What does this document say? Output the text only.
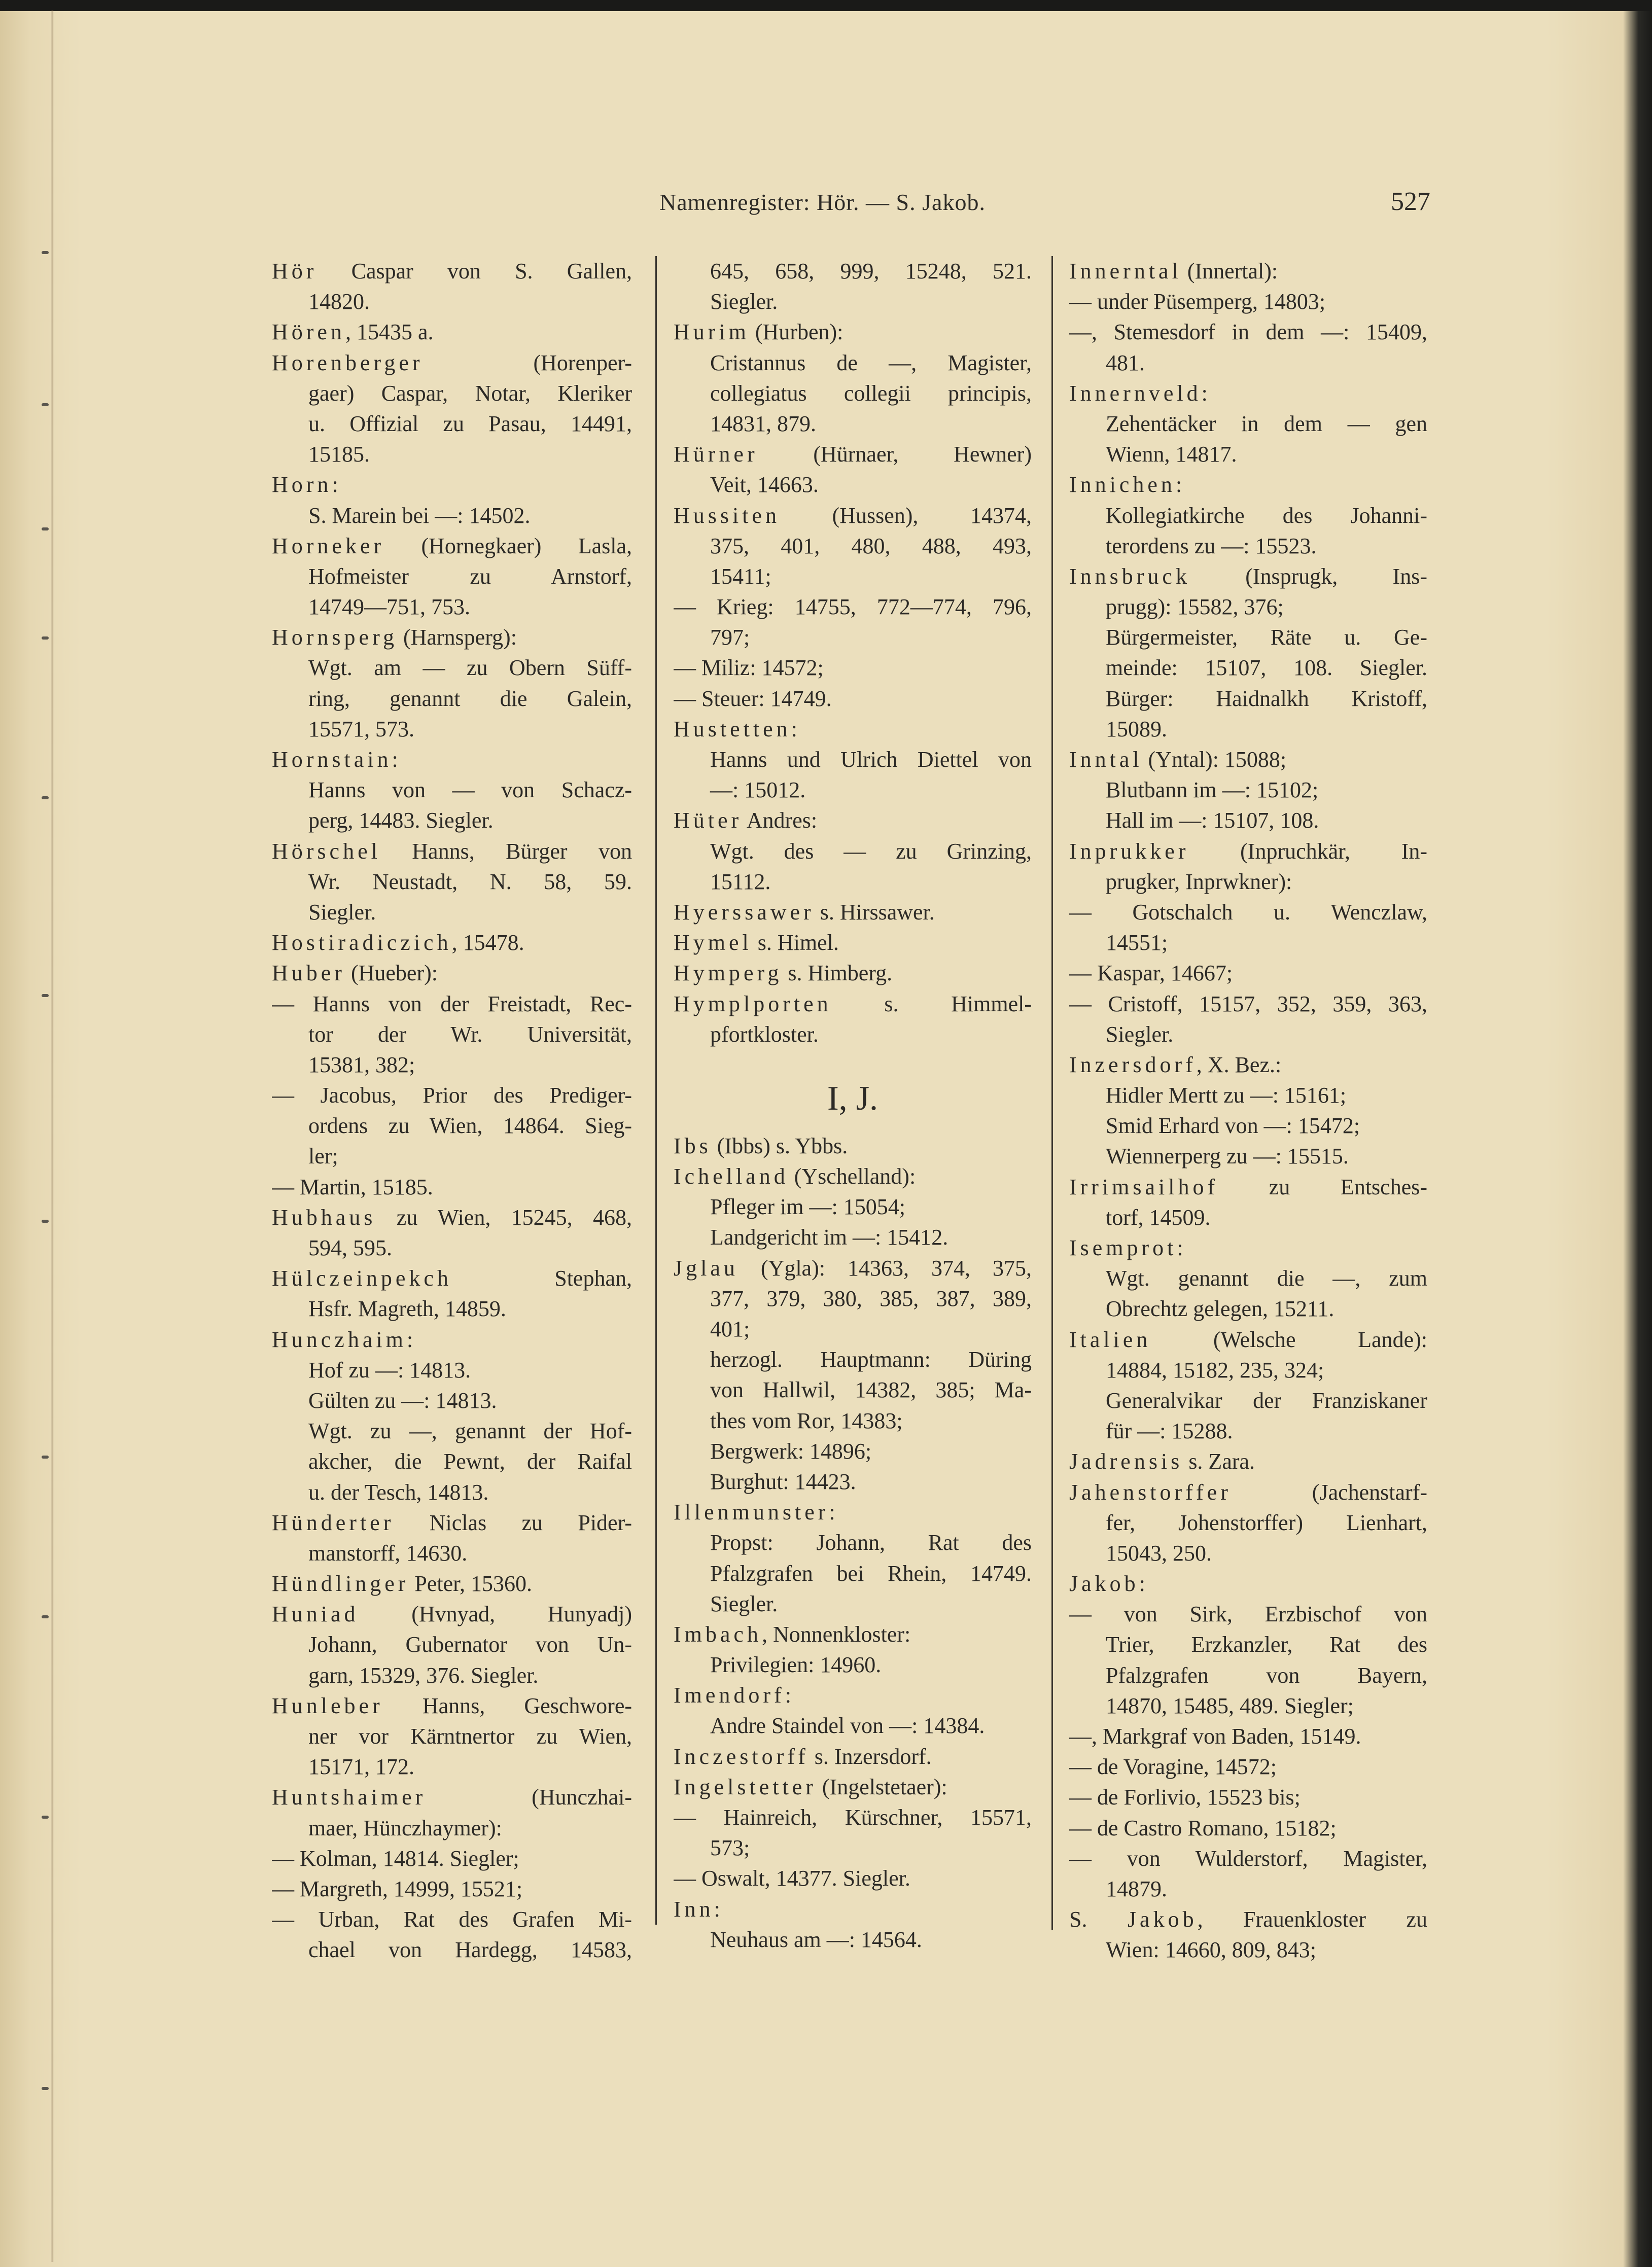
Namenregister: Hör. — S. Jakob.	527
Hör Caspar von S. Gallen,
14820.
Hören, 15435 a.
Horenberger (Horenper-
gaer) Caspar, Notar, Kleriker
u. Offizial zu Pasau, 14491,
15185.
Horn:
S. Marein bei —: 14502.
Horneker (Hornegkaer) Lasla,
Hofmeister zu Arnstorf,
14749—751, 753.
Hornsperg (Harnsperg):
Wgt. am — zu Obern Süff-
ring, genannt die Galein,
15571, 573.
Hornstain:
Hanns von — von Schacz-
perg, 14483. Siegler.
Hörschel Hanns, Bürger von
Wr. Neustadt, N. 58, 59.
Siegler.
Hostiradiczich, 15478.
Huber (Hueber):
— Hanns von der Freistadt, Rec-
tor der Wr. Universität,
15381, 382;
— Jacobus, Prior des Prediger-
ordens zu Wien, 14864. Sieg-
ler;
— Martin, 15185.
Hubhaus zu Wien, 15245, 468,
594, 595.
Hülczeinpekch Stephan,
Hsfr. Magreth, 14859.
Hunczhaim:
Hof zu —: 14813.
Gülten zu —: 14813.
Wgt. zu —, genannt der Hof-
akcher, die Pewnt, der Raifal
u. der Tesch, 14813.
Hünderter Niclas zu Pider-
manstorff, 14630.
Hündlinger Peter, 15360.
Huniad (Hvnyad, Hunyadj)
Johann, Gubernator von Un-
garn, 15329, 376. Siegler.
Hunleber Hanns, Geschwore-
ner vor Kärntnertor zu Wien,
15171, 172.
Huntshaimer (Hunczhai-
maer, Hünczhaymer):
— Kolman, 14814. Siegler;
— Margreth, 14999, 15521;
— Urban, Rat des Grafen Mi-
chael von Hardegg, 14583,
645, 658, 999, 15248, 521.
Siegler.
Hurim (Hurben):
Cristannus de —, Magister,
collegiatus collegii principis,
14831, 879.
Hürner (Hürnaer, Hewner)
Veit, 14663.
Hussiten (Hussen), 14374,
375, 401, 480, 488, 493,
15411;
— Krieg: 14755, 772—774, 796,
797;
— Miliz: 14572;
— Steuer: 14749.
Hustetten:
Hanns und Ulrich Diettel von
—: 15012.
Hüter Andres:
Wgt. des — zu Grinzing,
15112.
Hyerssawer s. Hirssawer.
Hymel s. Himel.
Hymperg s. Himberg.
Hymplporten s. Himmel-
pfortkloster.
I, J.
Ibs (Ibbs) s. Ybbs.
Ichelland (Yschelland):
Pfleger im —: 15054;
Landgericht im —: 15412.
Jglau (Ygla): 14363, 374, 375,
377, 379, 380, 385, 387, 389,
401;
herzogl. Hauptmann: Düring
von Hallwil, 14382, 385; Ma-
thes vom Ror, 14383;
Bergwerk: 14896;
Burghut: 14423.
Illenmunster:
Propst: Johann, Rat des
Pfalzgrafen bei Rhein, 14749.
Siegler.
Imbach, Nonnenkloster:
Privilegien: 14960.
Imendorf:
Andre Staindel von —: 14384.
Inczestorff s. Inzersdorf.
Ingelstetter (Ingelstetaer):
— Hainreich, Kürschner, 15571,
573;
— Oswalt, 14377. Siegler.
Inn:
Neuhaus am —: 14564.
Innerntal (Innertal):
— under Püsemperg, 14803;
—, Stemesdorf in dem —: 15409,
481.
Innernveld:
Zehentäcker in dem — gen
Wienn, 14817.
Innichen:
Kollegiatkirche des Johanni-
terordens zu —: 15523.
Innsbruck (Insprugk, Ins-
prugg): 15582, 376;
Bürgermeister, Räte u. Ge-
meinde: 15107, 108. Siegler.
Bürger: Haidnalkh Kristoff,
15089.
Inntal (Yntal): 15088;
Blutbann im —: 15102;
Hall im —: 15107, 108.
Inprukker (Inpruchkär, In-
prugker, Inprwkner):
— Gotschalch u. Wenczlaw,
14551;
— Kaspar, 14667;
— Cristoff, 15157, 352, 359, 363,
Siegler.
Inzersdorf, X. Bez.:
Hidler Mertt zu —: 15161;
Smid Erhard von —: 15472;
Wiennerperg zu —: 15515.
Irrimsailhof zu Entsches-
torf, 14509.
Isemprot:
Wgt. genannt die —, zum
Obrechtz gelegen, 15211.
Italien (Welsche Lande):
14884, 15182, 235, 324;
Generalvikar der Franziskaner
für —: 15288.
Jadrensis s. Zara.
Jahenstorffer (Jachenstarf-
fer, Johenstorffer) Lienhart,
15043, 250.
Jakob:
— von Sirk, Erzbischof von
Trier, Erzkanzler, Rat des
Pfalzgrafen von Bayern,
14870, 15485, 489. Siegler;
—, Markgraf von Baden, 15149.
— de Voragine, 14572;
— de Forlivio, 15523 bis;
— de Castro Romano, 15182;
— von Wulderstorf, Magister,
14879.
S. Jakob, Frauenkloster zu
Wien: 14660, 809, 843;
